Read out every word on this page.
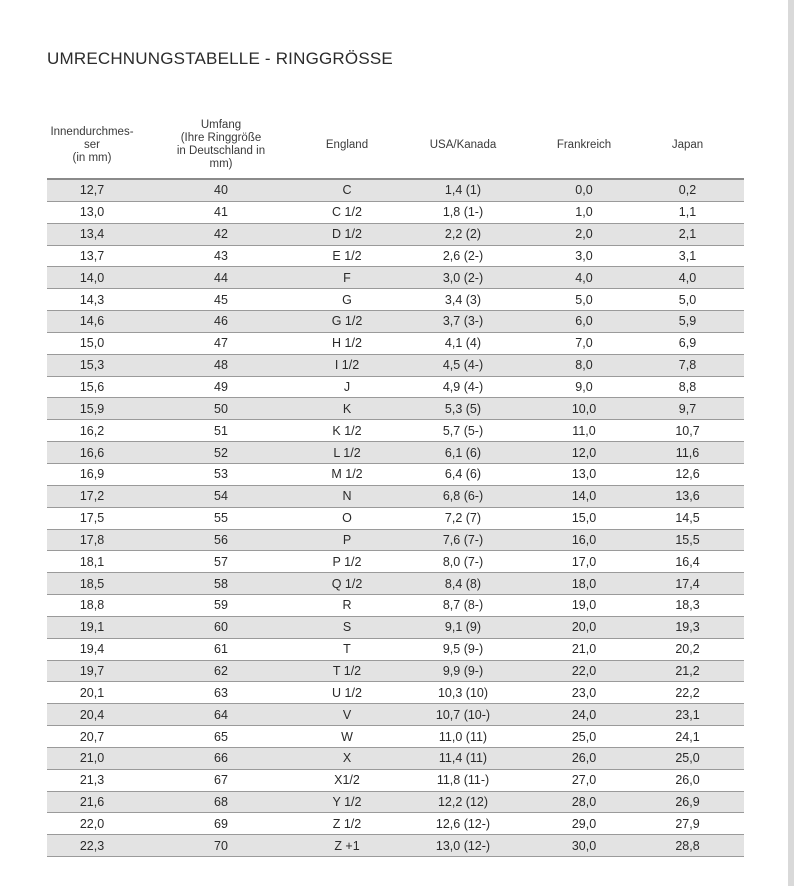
UMRECHNUNGSTABELLE - RINGGRÖSSE
Innendurchmes-
ser
(in mm)	Umfang
(Ihre Ringgröße
in Deutschland in
mm)	England	USA/Kanada	Frankreich	Japan
12,7	40	C	1,4 (1)	0,0	0,2
13,0	41	C 1/2	1,8 (1-)	1,0	1,1
13,4	42	D 1/2	2,2 (2)	2,0	2,1
13,7	43	E 1/2	2,6 (2-)	3,0	3,1
14,0	44	F	3,0 (2-)	4,0	4,0
14,3	45	G	3,4 (3)	5,0	5,0
14,6	46	G 1/2	3,7 (3-)	6,0	5,9
15,0	47	H 1/2	4,1 (4)	7,0	6,9
15,3	48	I 1/2	4,5 (4-)	8,0	7,8
15,6	49	J	4,9 (4-)	9,0	8,8
15,9	50	K	5,3 (5)	10,0	9,7
16,2	51	K 1/2	5,7 (5-)	11,0	10,7
16,6	52	L 1/2	6,1 (6)	12,0	11,6
16,9	53	M 1/2	6,4 (6)	13,0	12,6
17,2	54	N	6,8 (6-)	14,0	13,6
17,5	55	O	7,2 (7)	15,0	14,5
17,8	56	P	7,6 (7-)	16,0	15,5
18,1	57	P 1/2	8,0 (7-)	17,0	16,4
18,5	58	Q 1/2	8,4 (8)	18,0	17,4
18,8	59	R	8,7 (8-)	19,0	18,3
19,1	60	S	9,1 (9)	20,0	19,3
19,4	61	T	9,5 (9-)	21,0	20,2
19,7	62	T 1/2	9,9 (9-)	22,0	21,2
20,1	63	U 1/2	10,3 (10)	23,0	22,2
20,4	64	V	10,7 (10-)	24,0	23,1
20,7	65	W	11,0 (11)	25,0	24,1
21,0	66	X	11,4 (11)	26,0	25,0
21,3	67	X1/2	11,8 (11-)	27,0	26,0
21,6	68	Y 1/2	12,2 (12)	28,0	26,9
22,0	69	Z 1/2	12,6 (12-)	29,0	27,9
22,3	70	Z +1	13,0 (12-)	30,0	28,8
